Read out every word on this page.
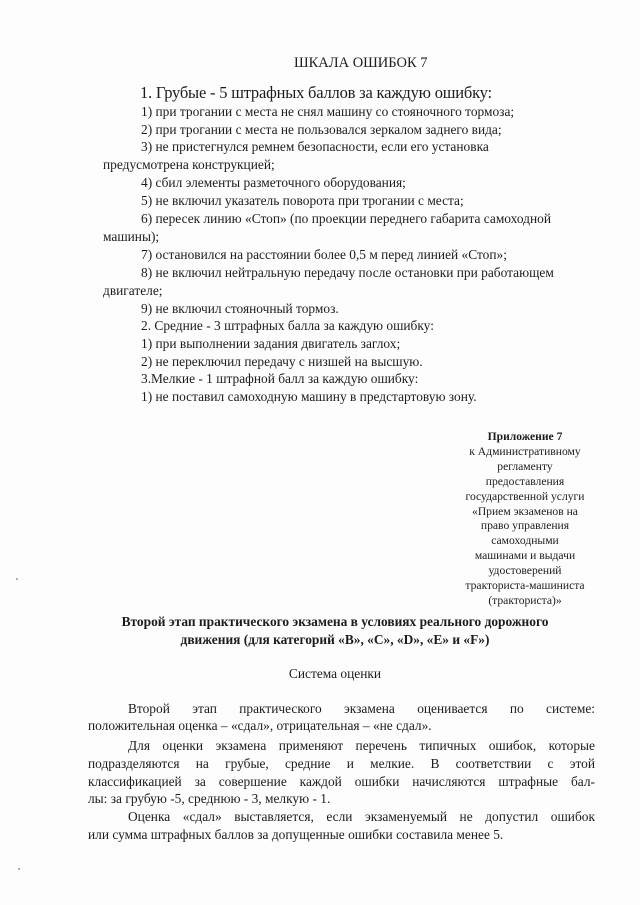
ШКАЛА ОШИБОК 7
1. Грубые - 5 штрафных баллов за каждую ошибку:
1) при трогании с места не снял машину со стояночного тормоза;
2) при трогании с места не пользовался зеркалом заднего вида;
3) не пристегнулся ремнем безопасности, если его установка
предусмотрена конструкцией;
4) сбил элементы разметочного оборудования;
5) не включил указатель поворота при трогании с места;
6) пересек линию «Стоп» (по проекции переднего габарита самоходной
машины);
7) остановился на расстоянии более 0,5 м перед линией «Стоп»;
8) не включил нейтральную передачу после остановки при работающем
двигателе;
9) не включил стояночный тормоз.
2. Средние - 3 штрафных балла за каждую ошибку:
1) при выполнении задания двигатель заглох;
2) не переключил передачу с низшей на высшую.
3.Мелкие - 1 штрафной балл за каждую ошибку:
1) не поставил самоходную машину в предстартовую зону.
Приложение 7
к Административному
регламенту
предоставления
государственной услуги
«Прием экзаменов на
право управления
самоходными
машинами и выдачи
удостоверений
тракториста-машиниста
(тракториста)»
Второй этап практического экзамена в условиях реального дорожного
движения (для категорий «B», «C», «D», «E» и «F»)
Система оценки
Второй этап практического экзамена оценивается по системе:
положительная оценка – «сдал», отрицательная – «не сдал».
Для оценки экзамена применяют перечень типичных ошибок, которые
подразделяются на грубые, средние и мелкие. В соответствии с этой
классификацией за совершение каждой ошибки начисляются штрафные бал-
лы: за грубую -5, среднюю - 3, мелкую - 1.
Оценка «сдал» выставляется, если экзаменуемый не допустил ошибок
или сумма штрафных баллов за допущенные ошибки составила менее 5.
